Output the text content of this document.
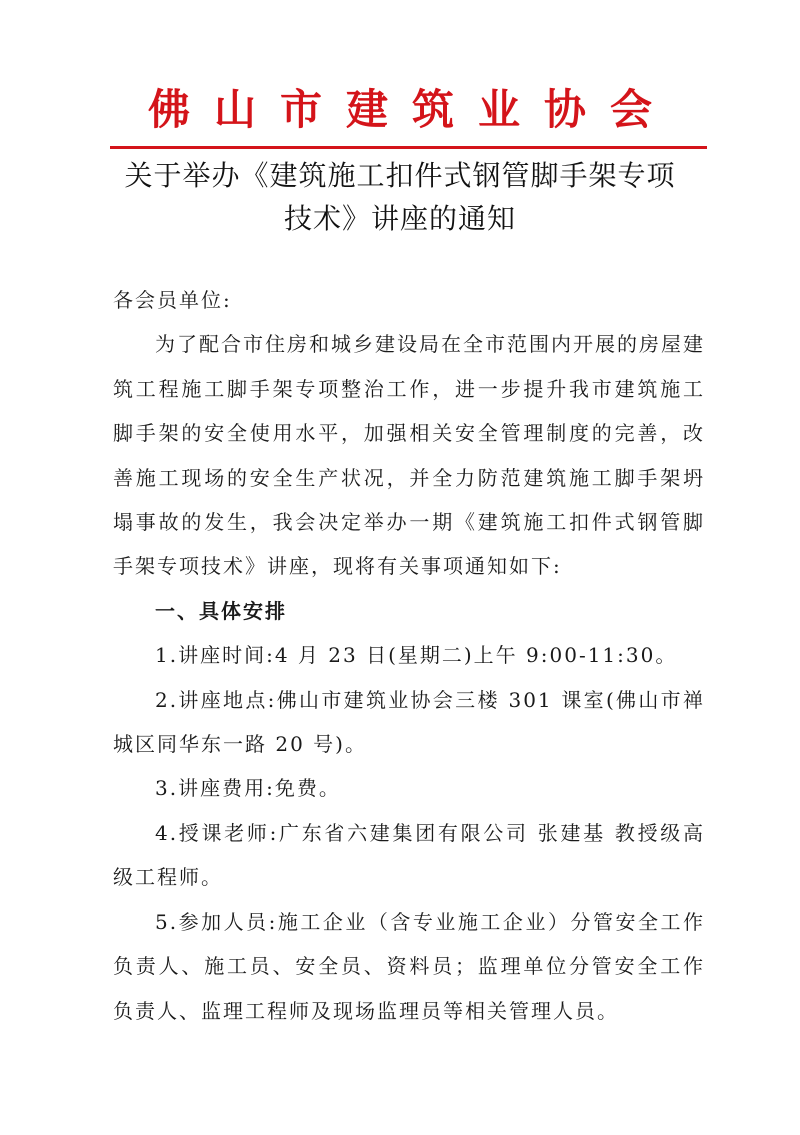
佛山市建筑业协会
关于举办《建筑施工扣件式钢管脚手架专项
技术》讲座的通知

各会员单位:

为了配合市住房和城乡建设局在全市范围内开展的房屋建筑工程施工脚手架专项整治工作，进一步提升我市建筑施工脚手架的安全使用水平，加强相关安全管理制度的完善，改善施工现场的安全生产状况，并全力防范建筑施工脚手架坍塌事故的发生，我会决定举办一期《建筑施工扣件式钢管脚手架专项技术》讲座，现将有关事项通知如下:

一、具体安排

1.讲座时间:4 月 23 日(星期二)上午 9:00-11:30。

2.讲座地点:佛山市建筑业协会三楼 301 课室(佛山市禅城区同华东一路 20 号)。

3.讲座费用:免费。

4.授课老师:广东省六建集团有限公司 张建基 教授级高级工程师。

5.参加人员:施工企业（含专业施工企业）分管安全工作负责人、施工员、安全员、资料员；监理单位分管安全工作负责人、监理工程师及现场监理员等相关管理人员。
